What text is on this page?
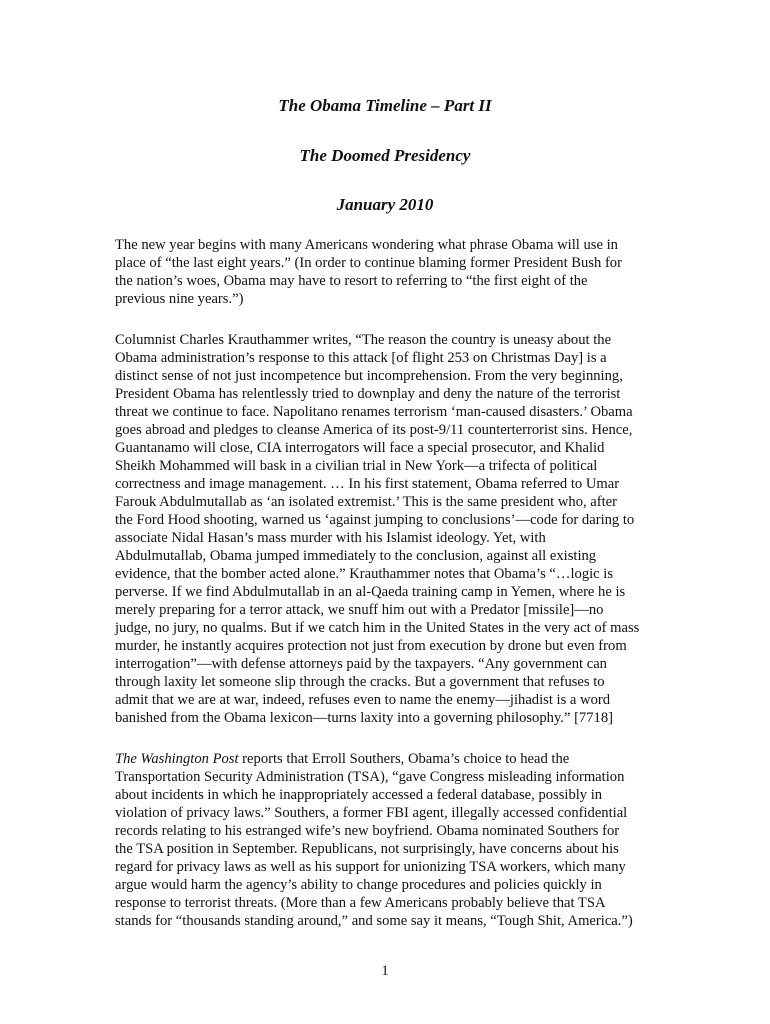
The Obama Timeline – Part II
The Doomed Presidency
January 2010

The new year begins with many Americans wondering what phrase Obama will use in
place of “the last eight years.” (In order to continue blaming former President Bush for
the nation’s woes, Obama may have to resort to referring to “the first eight of the
previous nine years.”)

Columnist Charles Krauthammer writes, “The reason the country is uneasy about the
Obama administration’s response to this attack [of flight 253 on Christmas Day] is a
distinct sense of not just incompetence but incomprehension. From the very beginning,
President Obama has relentlessly tried to downplay and deny the nature of the terrorist
threat we continue to face. Napolitano renames terrorism ‘man-caused disasters.’ Obama
goes abroad and pledges to cleanse America of its post-9/11 counterterrorist sins. Hence,
Guantanamo will close, CIA interrogators will face a special prosecutor, and Khalid
Sheikh Mohammed will bask in a civilian trial in New York—a trifecta of political
correctness and image management. … In his first statement, Obama referred to Umar
Farouk Abdulmutallab as ‘an isolated extremist.’ This is the same president who, after
the Ford Hood shooting, warned us ‘against jumping to conclusions’—code for daring to
associate Nidal Hasan’s mass murder with his Islamist ideology. Yet, with
Abdulmutallab, Obama jumped immediately to the conclusion, against all existing
evidence, that the bomber acted alone.” Krauthammer notes that Obama’s “…logic is
perverse. If we find Abdulmutallab in an al-Qaeda training camp in Yemen, where he is
merely preparing for a terror attack, we snuff him out with a Predator [missile]—no
judge, no jury, no qualms. But if we catch him in the United States in the very act of mass
murder, he instantly acquires protection not just from execution by drone but even from
interrogation”—with defense attorneys paid by the taxpayers. “Any government can
through laxity let someone slip through the cracks. But a government that refuses to
admit that we are at war, indeed, refuses even to name the enemy—jihadist is a word
banished from the Obama lexicon—turns laxity into a governing philosophy.” [7718]

The Washington Post reports that Erroll Southers, Obama’s choice to head the
Transportation Security Administration (TSA), “gave Congress misleading information
about incidents in which he inappropriately accessed a federal database, possibly in
violation of privacy laws.” Southers, a former FBI agent, illegally accessed confidential
records relating to his estranged wife’s new boyfriend. Obama nominated Southers for
the TSA position in September. Republicans, not surprisingly, have concerns about his
regard for privacy laws as well as his support for unionizing TSA workers, which many
argue would harm the agency’s ability to change procedures and policies quickly in
response to terrorist threats. (More than a few Americans probably believe that TSA
stands for “thousands standing around,” and some say it means, “Tough Shit, America.”)

1
